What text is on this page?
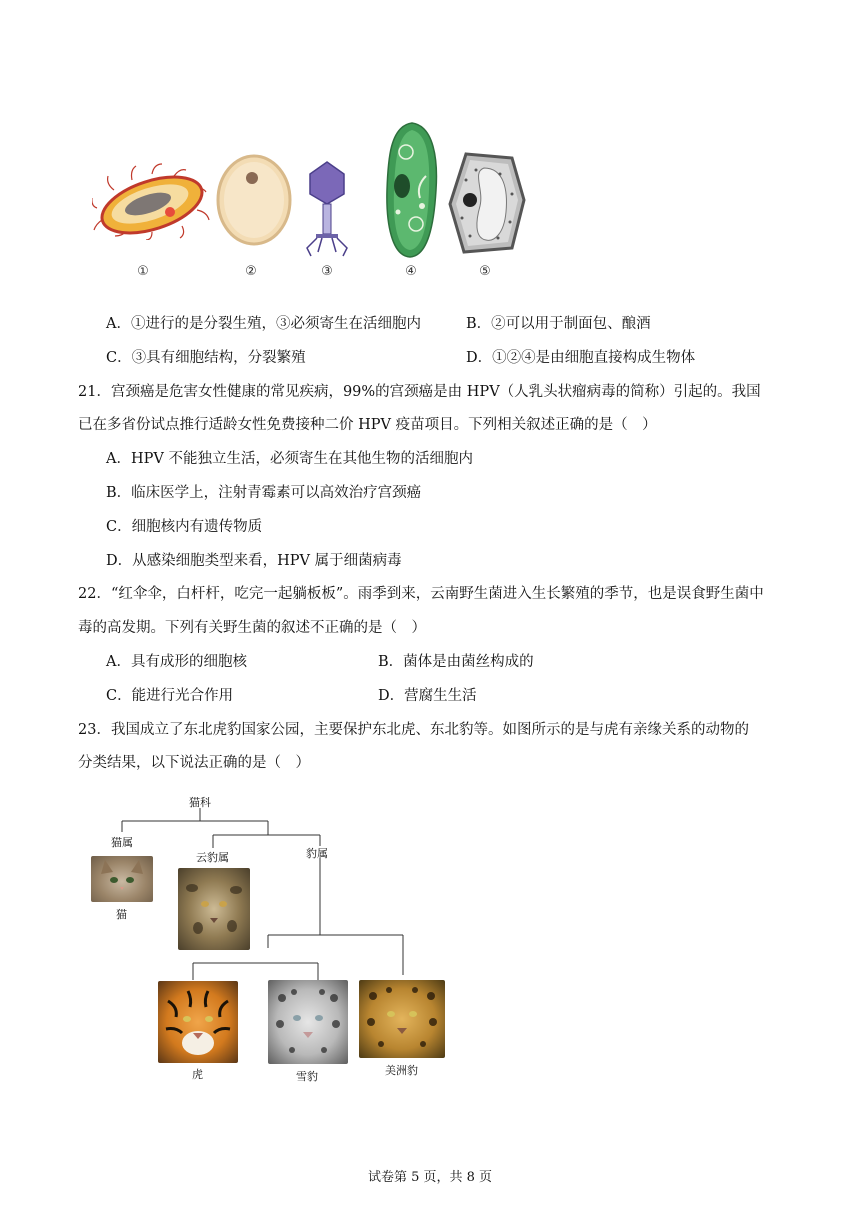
①	②	③	④	⑤
A．①进行的是分裂生殖，③必须寄生在活细胞内	B．②可以用于制面包、酿酒
C．③具有细胞结构，分裂繁殖	D．①②④是由细胞直接构成生物体
21．宫颈癌是危害女性健康的常见疾病，99%的宫颈癌是由 HPV（人乳头状瘤病毒的简称）引起的。我国
已在多省份试点推行适龄女性免费接种二价 HPV 疫苗项目。下列相关叙述正确的是（　）
A．HPV 不能独立生活，必须寄生在其他生物的活细胞内
B．临床医学上，注射青霉素可以高效治疗宫颈癌
C．细胞核内有遗传物质
D．从感染细胞类型来看，HPV 属于细菌病毒
22．“红伞伞，白杆杆，吃完一起躺板板”。雨季到来，云南野生菌进入生长繁殖的季节，也是误食野生菌中
毒的高发期。下列有关野生菌的叙述不正确的是（　）
A．具有成形的细胞核	B．菌体是由菌丝构成的
C．能进行光合作用	D．营腐生生活
23．我国成立了东北虎豹国家公园，主要保护东北虎、东北豹等。如图所示的是与虎有亲缘关系的动物的
分类结果，以下说法正确的是（　）
猫科
猫属
云豹属	豹属
猫
虎	雪豹	美洲豹
试卷第 5 页，共 8 页
